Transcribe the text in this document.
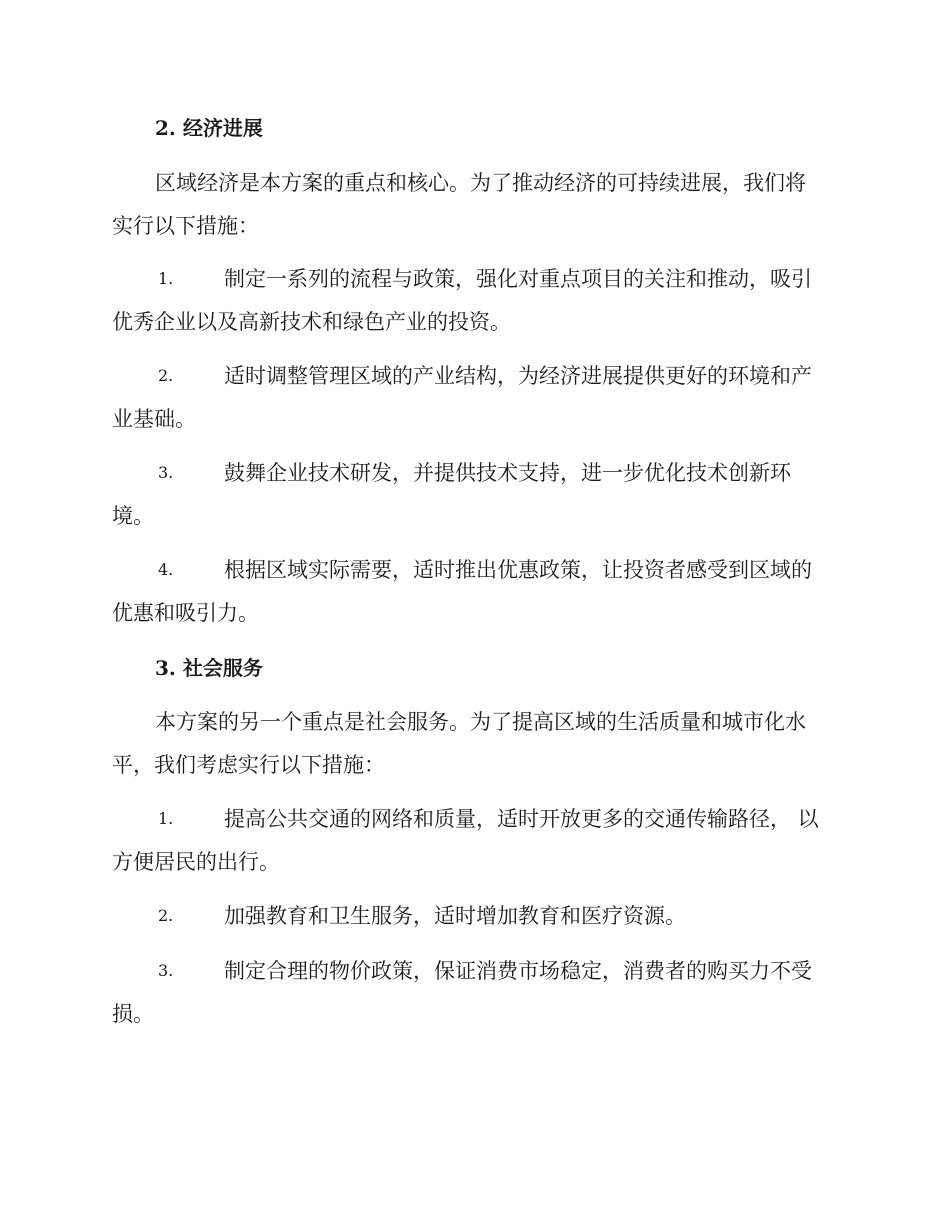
2. 经济进展
区域经济是本方案的重点和核心。为了推动经济的可持续进展，我们将
实行以下措施：
1. 制定一系列的流程与政策，强化对重点项目的关注和推动，吸引
优秀企业以及高新技术和绿色产业的投资。
2. 适时调整管理区域的产业结构，为经济进展提供更好的环境和产
业基础。
3. 鼓舞企业技术研发，并提供技术支持，进一步优化技术创新环
境。
4. 根据区域实际需要，适时推出优惠政策，让投资者感受到区域的
优惠和吸引力。
3. 社会服务
本方案的另一个重点是社会服务。为了提高区域的生活质量和城市化水
平，我们考虑实行以下措施：
1. 提高公共交通的网络和质量，适时开放更多的交通传输路径， 以
方便居民的出行。
2. 加强教育和卫生服务，适时增加教育和医疗资源。
3. 制定合理的物价政策，保证消费市场稳定，消费者的购买力不受
损。
